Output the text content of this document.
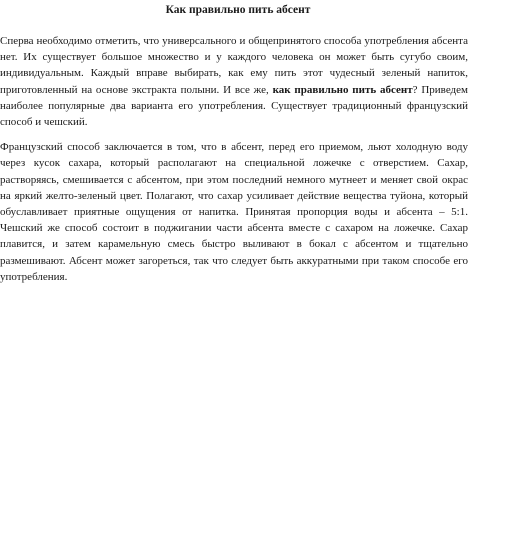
Как правильно пить абсент

Сперва необходимо отметить, что универсального и общепринятого способа употребления абсента нет. Их существует большое множество и у каждого человека он может быть сугубо своим, индивидуальным. Каждый вправе выбирать, как ему пить этот чудесный зеленый напиток, приготовленный на основе экстракта полыни. И все же, как правильно пить абсент? Приведем наиболее популярные два варианта его употребления. Существует традиционный французский способ и чешский.

Французский способ заключается в том, что в абсент, перед его приемом, льют холодную воду через кусок сахара, который располагают на специальной ложечке с отверстием. Сахар, растворяясь, смешивается с абсентом, при этом последний немного мутнеет и меняет свой окрас на яркий желто-зеленый цвет. Полагают, что сахар усиливает действие вещества туйона, который обуславливает приятные ощущения от напитка. Принятая пропорция воды и абсента – 5:1. Чешский же способ состоит в поджигании части абсента вместе с сахаром на ложечке. Сахар плавится, и затем карамельную смесь быстро выливают в бокал с абсентом и тщательно размешивают. Абсент может загореться, так что следует быть аккуратными при таком способе его употребления.
